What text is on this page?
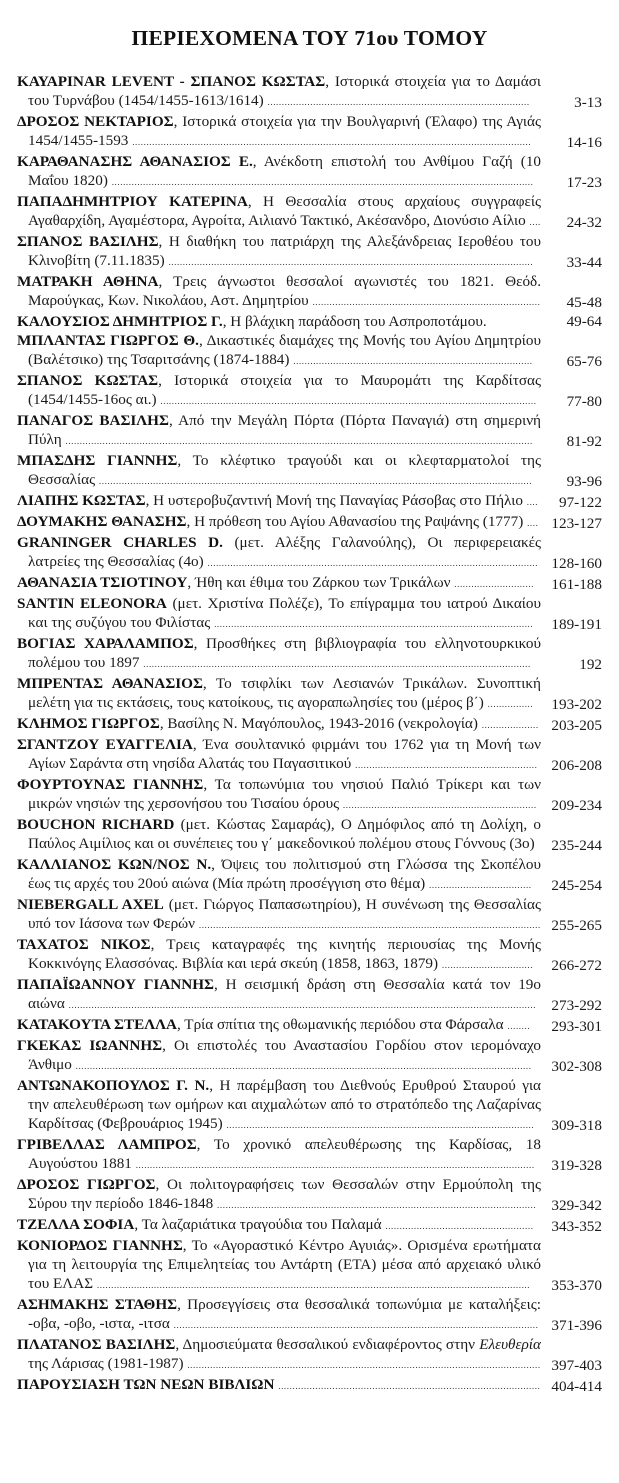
ΠΕΡΙΕΧΟΜΕΝΑ ΤΟΥ 71ου ΤΟΜΟΥ
ΚΑΥΑΡΙΝΑR LEVENT - ΣΠΑΝΟΣ ΚΩΣΤΑΣ, Ιστορικά στοιχεία για το Δαμάσι του Τυρνάβου (1454/1455-1613/1614) ............................................................................................	3-13
ΔΡΟΣΟΣ ΝΕΚΤΑΡΙΟΣ, Ιστορικά στοιχεία για την Βουλγαρινή (Έλαφο) της Αγιάς 1454/1455-1593 ............................................................................................................................................	14-16
ΚΑΡΑΘΑΝΑΣΗΣ ΑΘΑΝΑΣΙΟΣ Ε., Ανέκδοτη επιστολή του Ανθίμου Γαζή (10 Μαΐου 1820) ....................................................................................................................................................	17-23
ΠΑΠΑΔΗΜΗΤΡΙΟΥ ΚΑΤΕΡΙΝΑ, Η Θεσσαλία στους αρχαίους συγγραφείς Αγαθαρχίδη, Αγαμέστορα, Αγροίτα, Αιλιανό Τακτικό, Ακέσανδρο, Διονύσιο Αίλιο ....	24-32
ΣΠΑΝΟΣ ΒΑΣΙΛΗΣ, Η διαθήκη του πατριάρχη της Αλεξάνδρειας Ιεροθέου του Κλινοβίτη (7.11.1835) ................................................................................................................................	33-44
ΜΑΤΡΑΚΗ ΑΘΗΝΑ, Τρεις άγνωστοι θεσσαλοί αγωνιστές του 1821. Θεόδ. Μαρούγκας, Κων. Νικολάου, Αστ. Δημητρίου ................................................................................	45-48
ΚΑΛΟΥΣΙΟΣ ΔΗΜΗΤΡΙΟΣ Γ., Η βλάχικη παράδοση του Ασπροποτάμου.	49-64
ΜΠΛΑΝΤΑΣ ΓΙΩΡΓΟΣ Θ., Δικαστικές διαμάχες της Μονής του Αγίου Δημητρίου (Βαλέτσικο) της Τσαριτσάνης (1874-1884) ....................................................................................	65-76
ΣΠΑΝΟΣ ΚΩΣΤΑΣ, Ιστορικά στοιχεία για το Μαυρομάτι της Καρδίτσας (1454/1455-16ος αι.) ....................................................................................................................................	77-80
ΠΑΝΑΓΟΣ ΒΑΣΙΛΗΣ, Από την Μεγάλη Πόρτα (Πόρτα Παναγιά) στη σημερινή Πύλη ....................................................................................................................................................................	81-92
ΜΠΑΣΔΗΣ ΓΙΑΝΝΗΣ, Το κλέφτικο τραγούδι και οι κλεφταρματολοί της Θεσσαλίας ........................................................................................................................................................	93-96
ΛΙΑΠΗΣ ΚΩΣΤΑΣ, Η υστεροβυζαντινή Μονή της Παναγίας Ράσοβας στο Πήλιο ....	97-122
ΔΟΥΜΑΚΗΣ ΘΑΝΑΣΗΣ, Η πρόθεση του Αγίου Αθανασίου της Ραψάνης (1777) .... 123-127
GRANINGER CHARLES D. (μετ. Αλέξης Γαλανούλης), Οι περιφερειακές λατρείες της Θεσσαλίας (4ο) .................................................................................................................... 128-160
ΑΘΑΝΑΣΙΑ ΤΣΙΟΤΙΝΟΥ, Ήθη και έθιμα του Ζάρκου των Τρικάλων ............................	161-188
SANTIN ELEONORA (μετ. Χριστίνα Πολέζε), Το επίγραμμα του ιατρού Δικαίου και της συζύγου του Φιλίστας ................................................................................................................	189-191
ΒΟΓΙΑΣ ΧΑΡΑΛΑΜΠΟΣ, Προσθήκες στη βιβλιογραφία του ελληνοτουρκικού πολέμου του 1897 ........................................................................................................................................	192
ΜΠΡΕΝΤΑΣ ΑΘΑΝΑΣΙΟΣ, Το τσιφλίκι των Λεσιανών Τρικάλων. Συνοπτική μελέτη για τις εκτάσεις, τους κατοίκους, τις αγοραπωλησίες του (μέρος β΄) ................	193-202
ΚΛΗΜΟΣ ΓΙΩΡΓΟΣ, Βασίλης Ν. Μαγόπουλος, 1943-2016 (νεκρολογία) .................... 203-205
ΣΓΑΝΤΖΟΥ ΕΥΑΓΓΕΛΙΑ, Ένα σουλτανικό φιρμάνι του 1762 για τη Μονή των Αγίων Σαράντα στη νησίδα Αλατάς του Παγασιτικού ................................................................ 206-208
ΦΟΥΡΤΟΥΝΑΣ ΓΙΑΝΝΗΣ, Τα τοπωνύμια του νησιού Παλιό Τρίκερι και των μικρών νησιών της χερσονήσου του Τισαίου όρους .................................................................... 209-234
BOUCHON RICHARD (μετ. Κώστας Σαμαράς), Ο Δημόφιλος από τη Δολίχη, ο Παύλος Αιμίλιος και οι συνέπειες του γ΄ μακεδονικού πολέμου στους Γόννους (3ο)	235-244
ΚΑΛΛΙΑΝΟΣ ΚΩΝ/ΝΟΣ Ν., Όψεις του πολιτισμού στη Γλώσσα της Σκοπέλου έως τις αρχές του 20ού αιώνα (Μία πρώτη προσέγγιση στο θέμα) ....................................	245-254
NIEBERGALL AXEL (μετ. Γιώργος Παπασωτηρίου), Η συνένωση της Θεσσαλίας υπό τον Ιάσονα των Φερών ........................................................................................................................ 255-265
ΤΑΧΑΤΟΣ ΝΙΚΟΣ, Τρεις καταγραφές της κινητής περιουσίας της Μονής Κοκκινόγης Ελασσόνας. Βιβλία και ιερά σκεύη (1858, 1863, 1879) ................................	266-272
ΠΑΠΑΪΩΑΝΝΟΥ ΓΙΑΝΝΗΣ, Η σεισμική δράση στη Θεσσαλία κατά τον 19ο αιώνα ....................................................................................................................................................................	273-292
ΚΑΤΑΚΟΥΤΑ ΣΤΕΛΛΑ, Τρία σπίτια της οθωμανικής περιόδου στα Φάρσαλα ........	293-301
ΓΚΕΚΑΣ ΙΩΑΝΝΗΣ, Οι επιστολές του Αναστασίου Γορδίου στον ιερομόναχο Άνθιμο ................................................................................................................................................................	302-308
ΑΝΤΩΝΑΚΟΠΟΥΛΟΣ Γ. Ν., Η παρέμβαση του Διεθνούς Ερυθρού Σταυρού για την απελευθέρωση των ομήρων και αιχμαλώτων από το στρατόπεδο της Λαζαρίνας Καρδίτσας (Φεβρουάριος 1945) ............................................................................................................	309-318
ΓΡΙΒΕΛΛΑΣ ΛΑΜΠΡΟΣ, Το χρονικό απελευθέρωσης της Καρδίσας, 18 Αυγούστου 1881 ............................................................................................................................................	319-328
ΔΡΟΣΟΣ ΓΙΩΡΓΟΣ, Οι πολιτογραφήσεις των Θεσσαλών στην Ερμούπολη της Σύρου την περίοδο 1846-1848 ................................................................................................................ 329-342
ΤΖΕΛΛΑ ΣΟΦΙΑ, Τα λαζαριάτικα τραγούδια του Παλαμά ....................................................	343-352
ΚΟΝΙΟΡΔΟΣ ΓΙΑΝΝΗΣ, Το «Αγοραστικό Κέντρο Αγυιάς». Ορισμένα ερωτήματα για τη λειτουργία της Επιμελητείας του Αντάρτη (ΕΤΑ) μέσα από αρχειακό υλικό του ΕΛΑΣ ........................................................................................................................................................	353-370
ΑΣΗΜΑΚΗΣ ΣΤΑΘΗΣ, Προσεγγίσεις στα θεσσαλικά τοπωνύμια με καταλήξεις: -οβα, -οβο, -ιστα, -ιτσα ................................................................................................................................ 371-396
ΠΛΑΤΑΝΟΣ ΒΑΣΙΛΗΣ, Δημοσιεύματα θεσσαλικού ενδιαφέροντος στην Ελευθερία της Λάρισας (1981-1987) ............................................................................................................................ 397-403
ΠΑΡΟΥΣΙΑΣΗ ΤΩΝ ΝΕΩΝ ΒΙΒΛΙΩΝ ............................................................................................ 404-414
